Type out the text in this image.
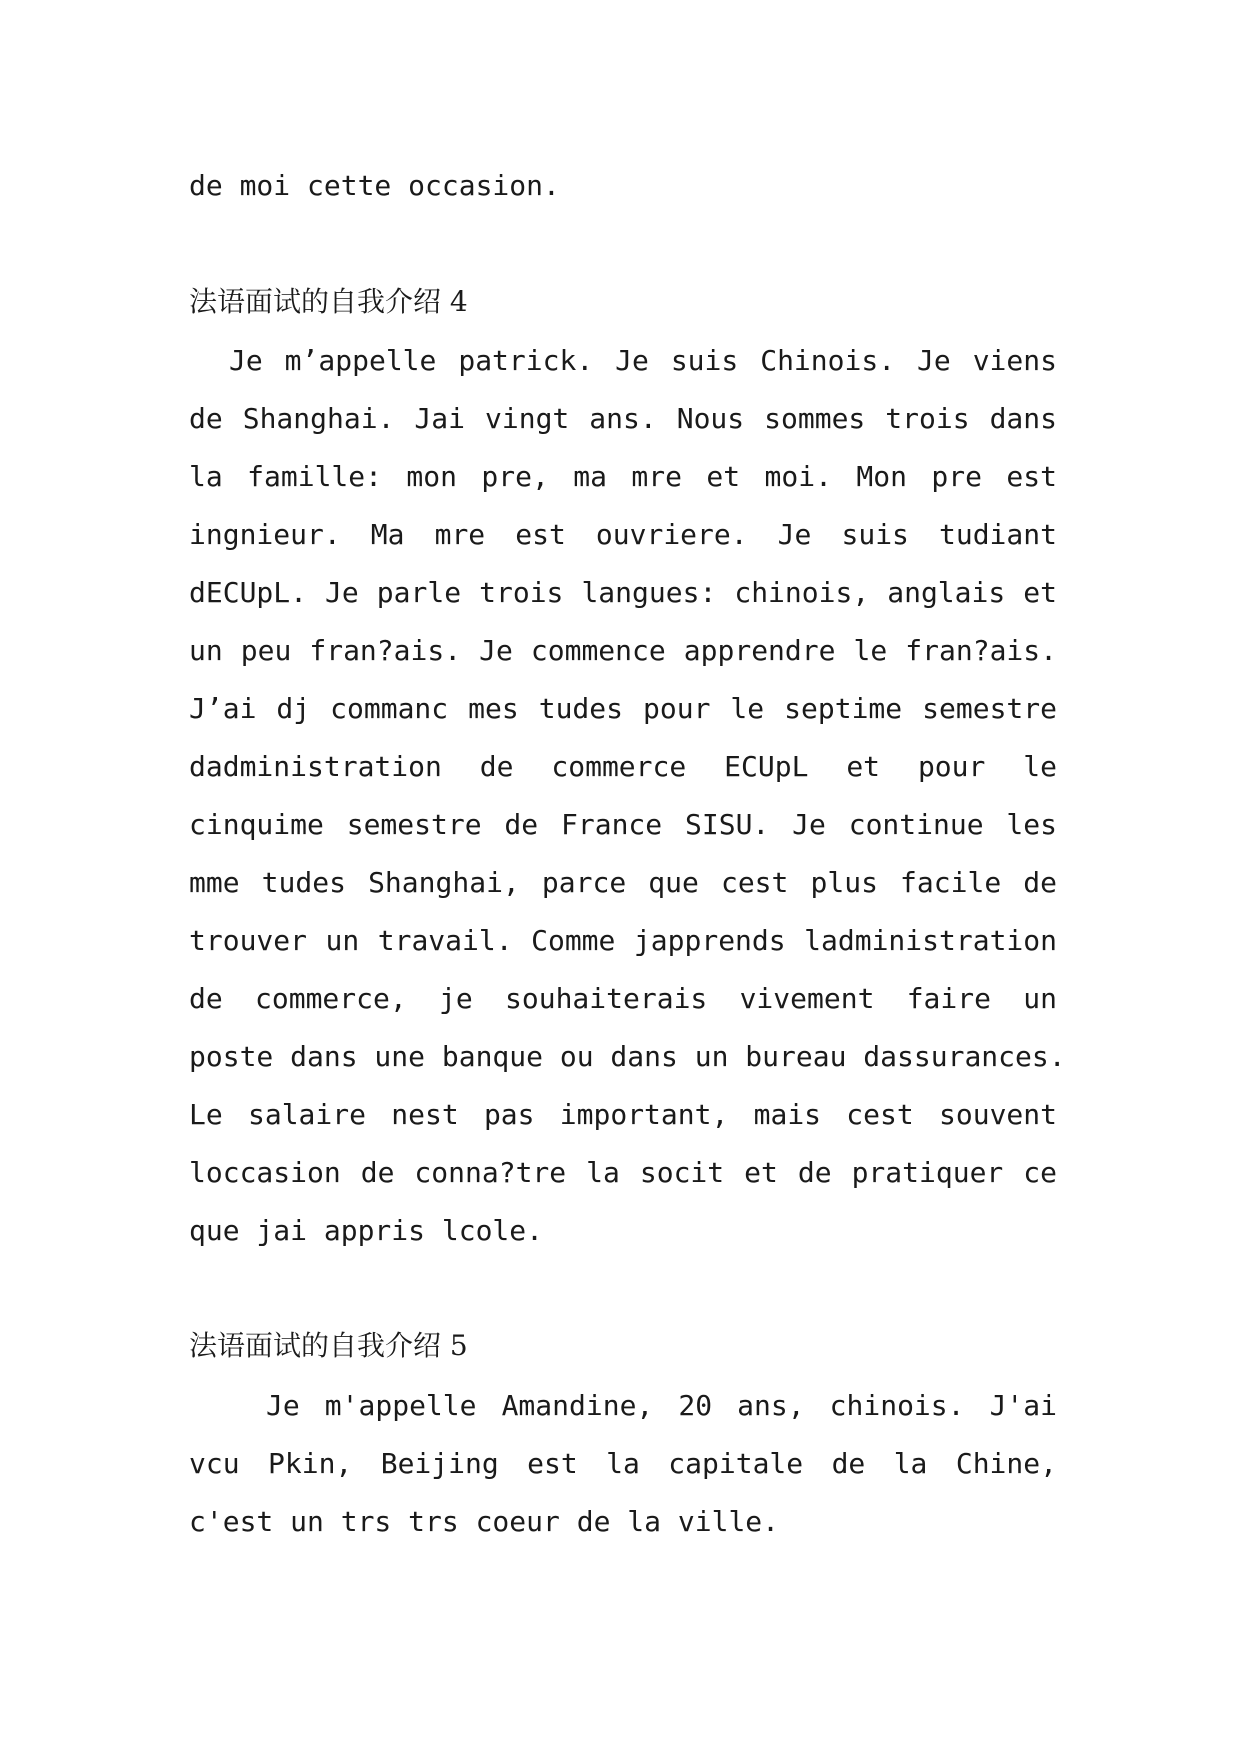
de moi cette occasion.
法语面试的自我介绍 4
Je m’appelle patrick. Je suis Chinois. Je viens
de Shanghai. Jai vingt ans. Nous sommes trois dans
la famille: mon pre, ma mre et moi. Mon pre est
ingnieur. Ma mre est ouvriere. Je suis tudiant
dECUpL. Je parle trois langues: chinois, anglais et
un peu fran?ais. Je commence apprendre le fran?ais.
J’ai dj commanc mes tudes pour le septime semestre
dadministration de commerce ECUpL et pour le
cinquime semestre de France SISU. Je continue les
mme tudes Shanghai, parce que cest plus facile de
trouver un travail. Comme japprends ladministration
de commerce, je souhaiterais vivement faire un
poste dans une banque ou dans un bureau dassurances.
Le salaire nest pas important, mais cest souvent
loccasion de conna?tre la socit et de pratiquer ce
que jai appris lcole.
法语面试的自我介绍 5
Je m'appelle Amandine, 20 ans, chinois. J'ai
vcu Pkin, Beijing est la capitale de la Chine,
c'est un trs trs coeur de la ville.
